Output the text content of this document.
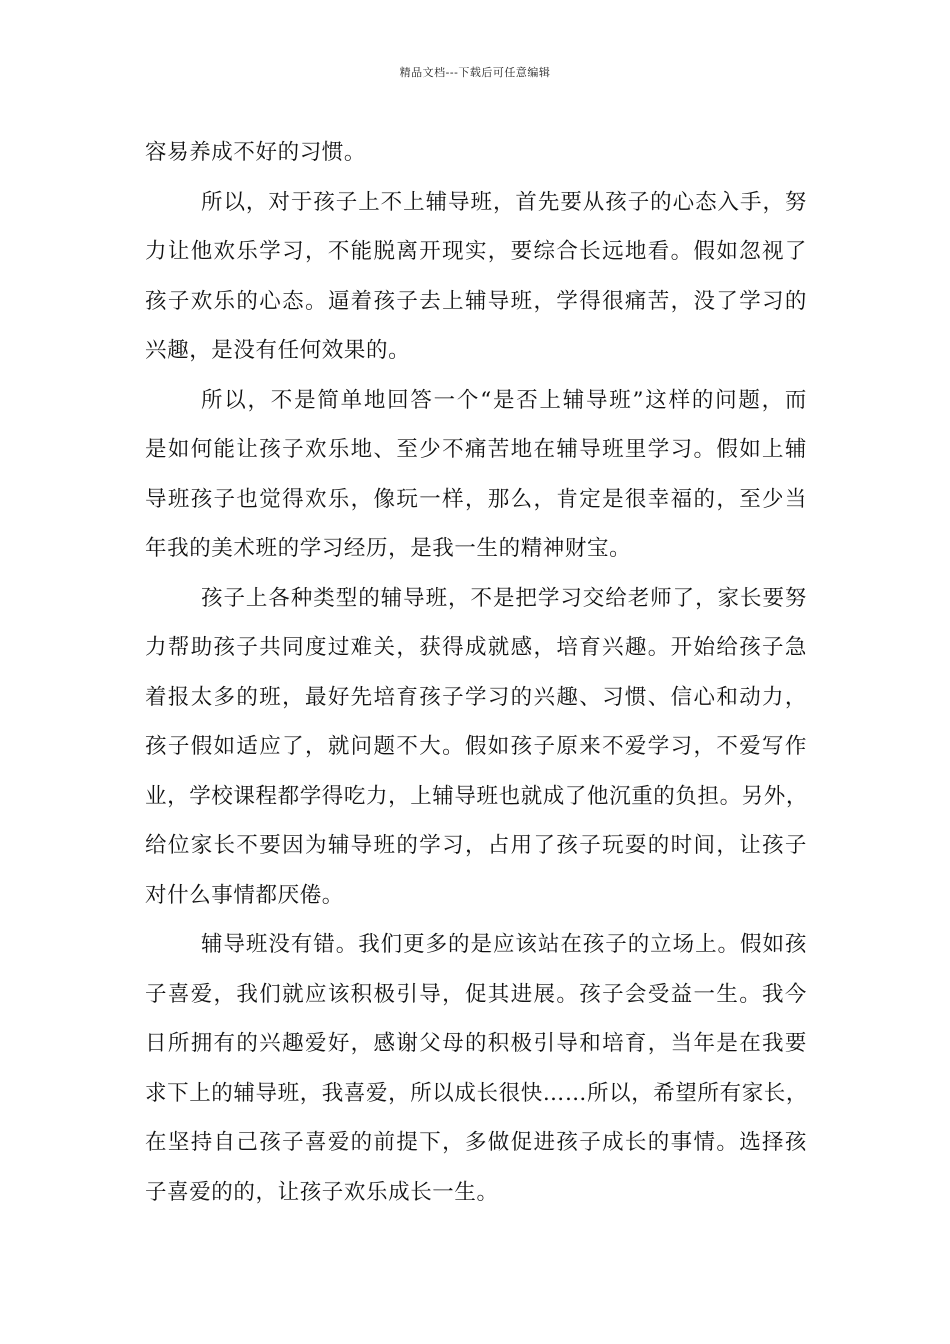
精品文档---下载后可任意编辑

容易养成不好的习惯。

所以，对于孩子上不上辅导班，首先要从孩子的心态入手，努

力让他欢乐学习，不能脱离开现实，要综合长远地看。假如忽视了

孩子欢乐的心态。逼着孩子去上辅导班，学得很痛苦，没了学习的

兴趣，是没有任何效果的。

所以，不是简单地回答一个“是否上辅导班”这样的问题，而

是如何能让孩子欢乐地、至少不痛苦地在辅导班里学习。假如上辅

导班孩子也觉得欢乐，像玩一样，那么，肯定是很幸福的，至少当

年我的美术班的学习经历，是我一生的精神财宝。

孩子上各种类型的辅导班，不是把学习交给老师了，家长要努

力帮助孩子共同度过难关，获得成就感，培育兴趣。开始给孩子急

着报太多的班，最好先培育孩子学习的兴趣、习惯、信心和动力，

孩子假如适应了，就问题不大。假如孩子原来不爱学习，不爱写作

业，学校课程都学得吃力，上辅导班也就成了他沉重的负担。另外，

给位家长不要因为辅导班的学习，占用了孩子玩耍的时间，让孩子

对什么事情都厌倦。

辅导班没有错。我们更多的是应该站在孩子的立场上。假如孩

子喜爱，我们就应该积极引导，促其进展。孩子会受益一生。我今

日所拥有的兴趣爱好，感谢父母的积极引导和培育，当年是在我要

求下上的辅导班，我喜爱，所以成长很快……所以，希望所有家长，

在坚持自己孩子喜爱的前提下，多做促进孩子成长的事情。选择孩

子喜爱的的，让孩子欢乐成长一生。
